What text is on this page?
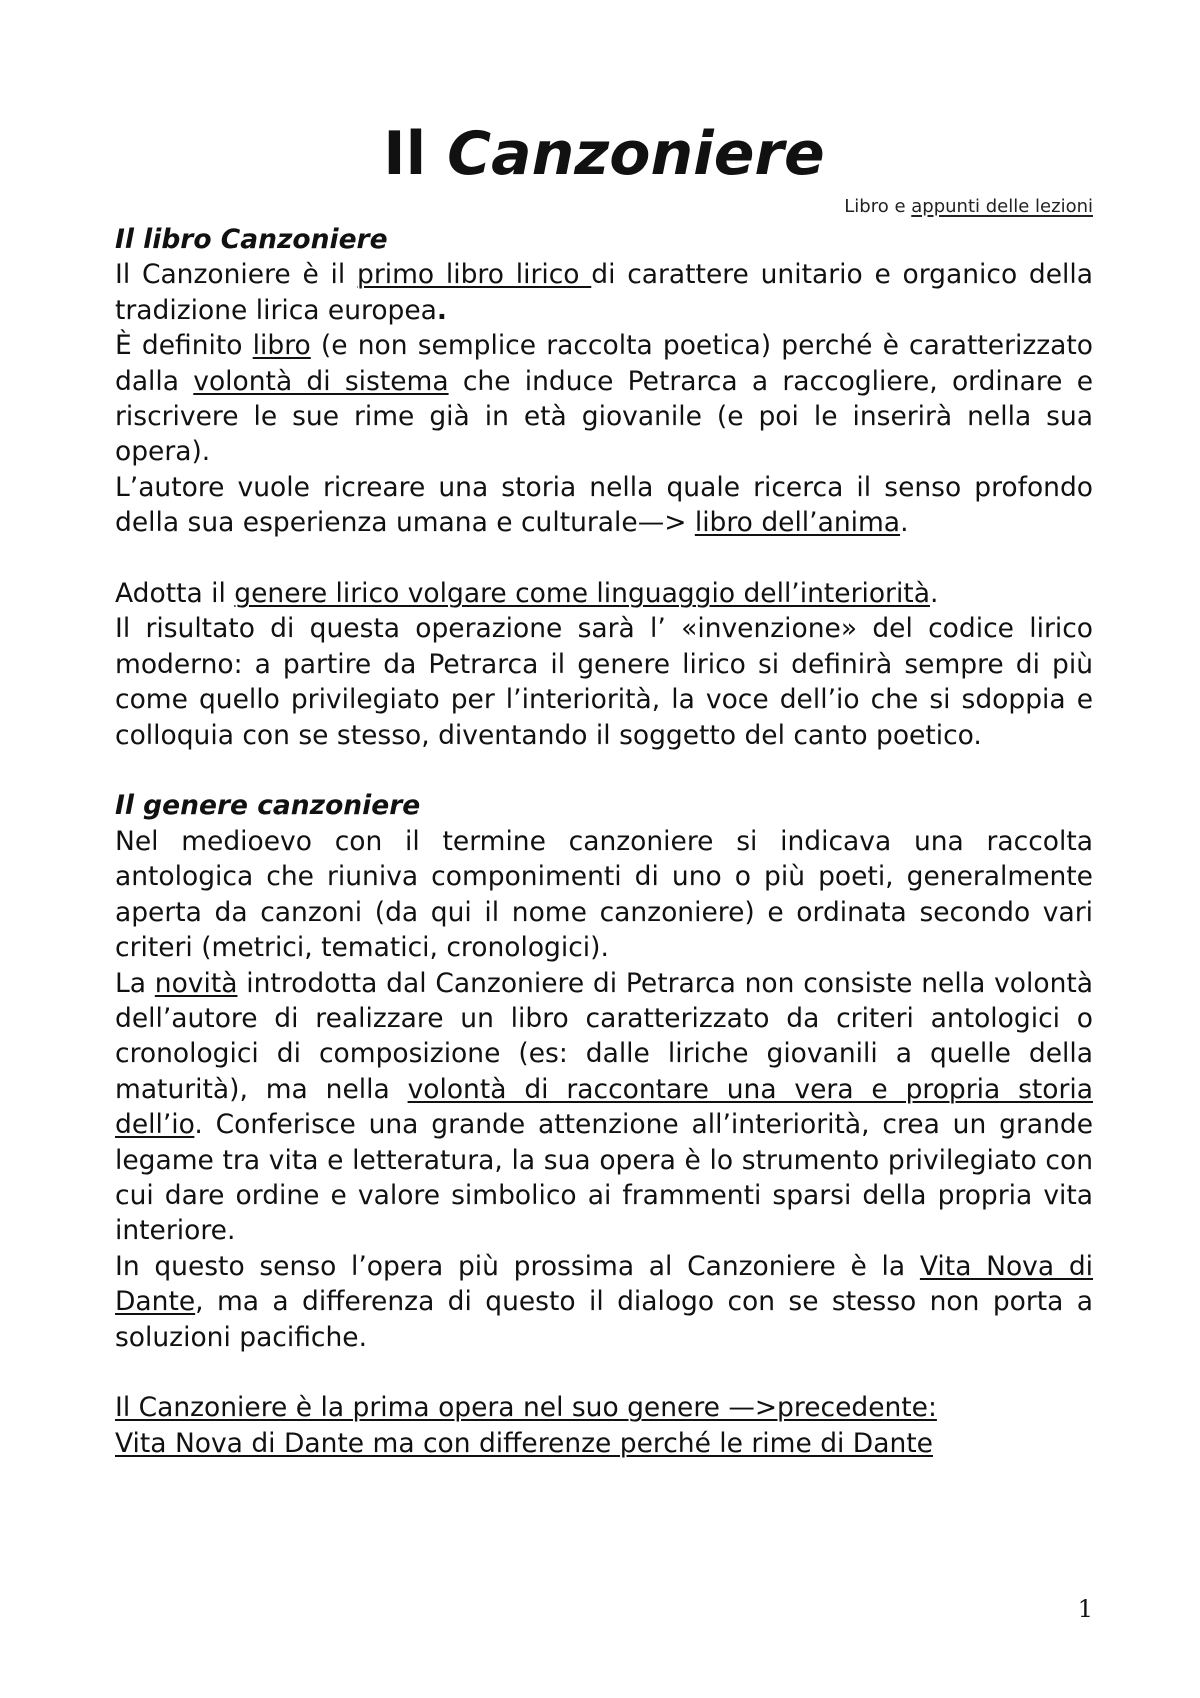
Il Canzoniere
Libro e appunti delle lezioni
Il libro Canzoniere

Il Canzoniere è il primo libro lirico di carattere unitario e organico della tradizione lirica europea.

È definito libro (e non semplice raccolta poetica) perché è caratterizzato dalla volontà di sistema che induce Petrarca a raccogliere, ordinare e riscrivere le sue rime già in età giovanile (e poi le inserirà nella sua opera).

L’autore vuole ricreare una storia nella quale ricerca il senso profondo della sua esperienza umana e culturale—> libro dell’anima.

Adotta il genere lirico volgare come linguaggio dell’interiorità.

Il risultato di questa operazione sarà l’ «invenzione» del codice lirico moderno: a partire da Petrarca il genere lirico si definirà sempre di più come quello privilegiato per l’interiorità, la voce dell’io che si sdoppia e colloquia con se stesso, diventando il soggetto del canto poetico.

Il genere canzoniere

Nel medioevo con il termine canzoniere si indicava una raccolta antologica che riuniva componimenti di uno o più poeti, generalmente aperta da canzoni (da qui il nome canzoniere) e ordinata secondo vari criteri (metrici, tematici, cronologici).

La novità introdotta dal Canzoniere di Petrarca non consiste nella volontà dell’autore di realizzare un libro caratterizzato da criteri antologici o cronologici di composizione (es: dalle liriche giovanili a quelle della maturità), ma nella volontà di raccontare una vera e propria storia dell’io. Conferisce una grande attenzione all’interiorità, crea un grande legame tra vita e letteratura, la sua opera è lo strumento privilegiato con cui dare ordine e valore simbolico ai frammenti sparsi della propria vita interiore.

In questo senso l’opera più prossima al Canzoniere è la Vita Nova di Dante, ma a differenza di questo il dialogo con se stesso non porta a soluzioni pacifiche.

Il Canzoniere è la prima opera nel suo genere —>precedente:
Vita Nova di Dante ma con differenze perché le rime di Dante

1
